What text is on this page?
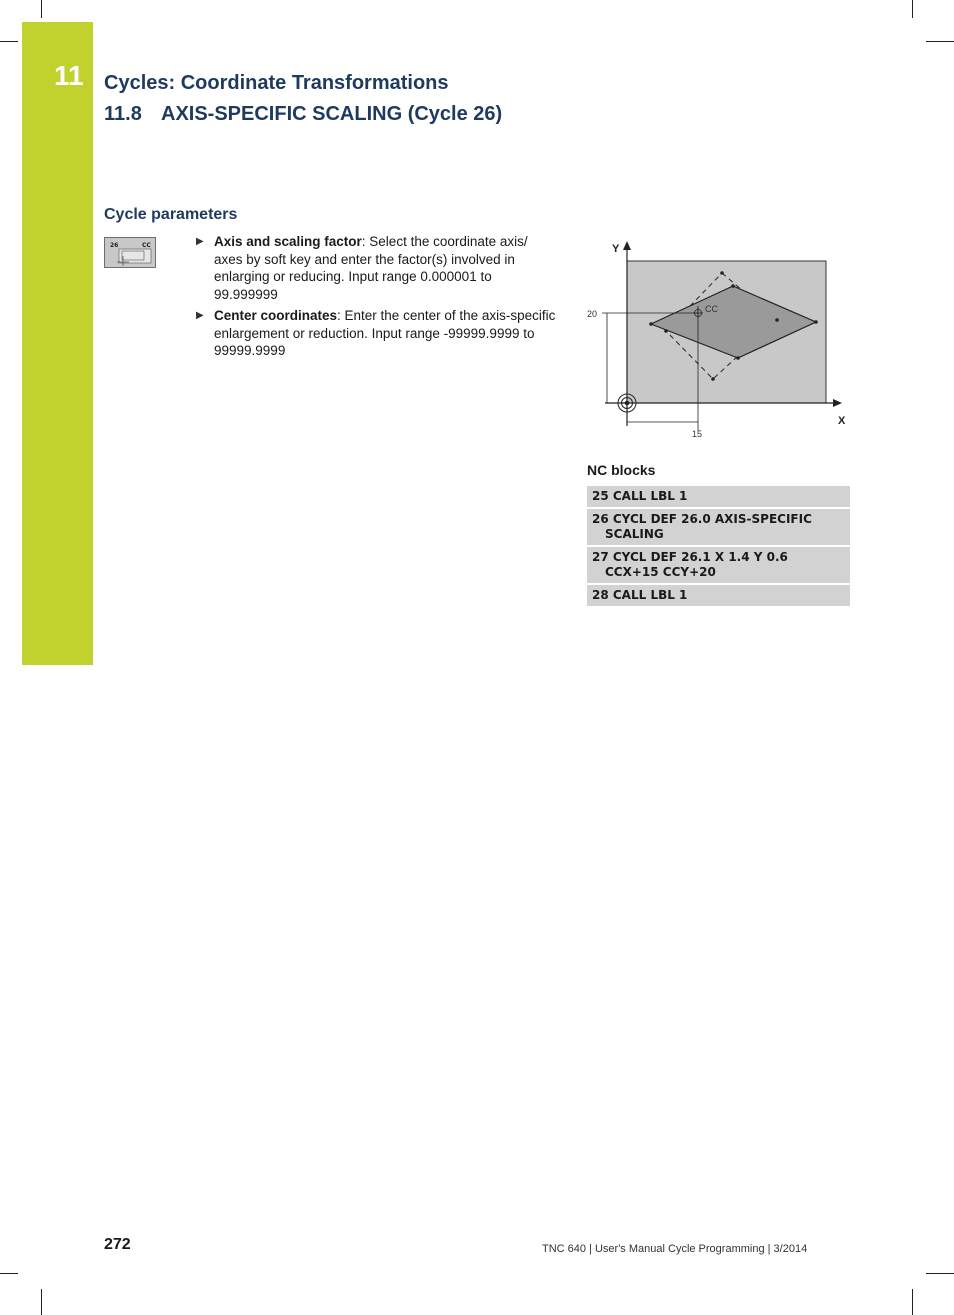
11 Cycles: Coordinate Transformations
11.8 AXIS-SPECIFIC SCALING (Cycle 26)
Cycle parameters
26	CC	▶ Axis and scaling factor: Select the coordinate axis/ axes by soft key and enter the factor(s) involved in enlarging or reducing. Input range 0.000001 to 99.999999
▶ Center coordinates: Enter the center of the axis-specific enlargement or reduction. Input range -99999.9999 to 99999.9999
Y
X
CC
20
15
NC blocks
25 CALL LBL 1
26 CYCL DEF 26.0 AXIS-SPECIFIC SCALING
27 CYCL DEF 26.1 X 1.4 Y 0.6 CCX+15 CCY+20
28 CALL LBL 1
272	TNC 640 | User's Manual Cycle Programming | 3/2014
